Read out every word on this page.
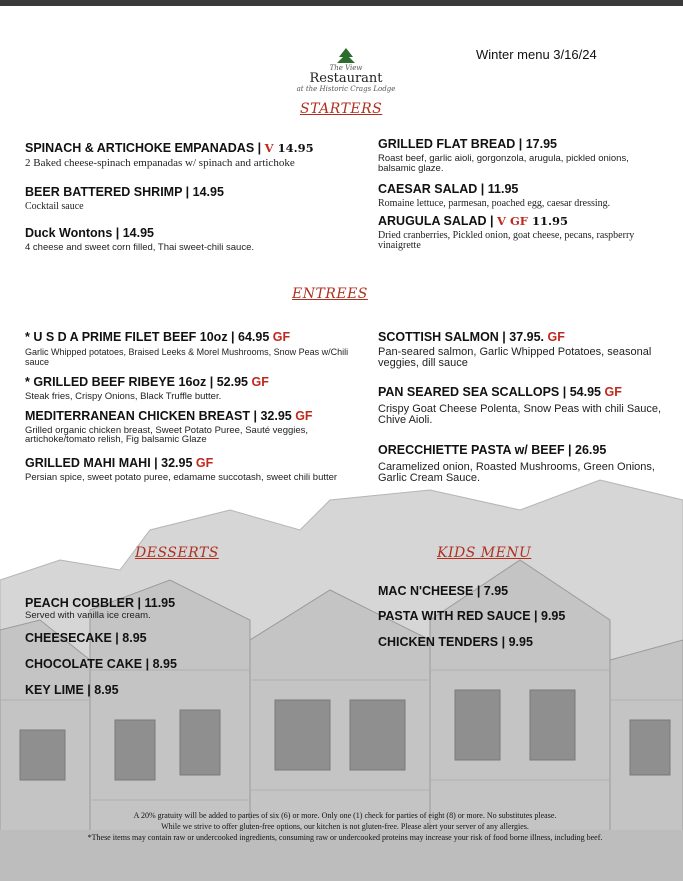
The View
Restaurant
at the Historic Crags Lodge
Winter menu 3/16/24
STARTERS
ENTREES
DESSERTS	KIDS MENU
SPINACH & ARTICHOKE EMPANADAS | V 14.95
2 Baked cheese-spinach empanadas w/ spinach and artichoke
BEER BATTERED SHRIMP | 14.95
Cocktail sauce
Duck Wontons | 14.95
4 cheese and sweet corn filled, Thai sweet-chili sauce.
GRILLED FLAT BREAD | 17.95
Roast beef, garlic aioli, gorgonzola, arugula, pickled onions, balsamic glaze.
CAESAR SALAD | 11.95
Romaine lettuce, parmesan, poached egg, caesar dressing.
ARUGULA SALAD | V GF 11.95
Dried cranberries, Pickled onion, goat cheese, pecans, raspberry vinaigrette
* U S D A PRIME FILET BEEF 10oz | 64.95 GF
Garlic Whipped potatoes, Braised Leeks & Morel Mushrooms, Snow Peas w/Chili sauce
* GRILLED BEEF RIBEYE 16oz | 52.95 GF
Steak fries, Crispy Onions, Black Truffle butter.
MEDITERRANEAN CHICKEN BREAST | 32.95 GF
Grilled organic chicken breast, Sweet Potato Puree, Sauté veggies, artichoke/tomato relish, Fig balsamic Glaze
GRILLED MAHI MAHI | 32.95 GF
Persian spice, sweet potato puree, edamame succotash, sweet chili butter
SCOTTISH SALMON | 37.95. GF
Pan-seared salmon, Garlic Whipped Potatoes, seasonal veggies, dill sauce
PAN SEARED SEA SCALLOPS | 54.95 GF
Crispy Goat Cheese Polenta, Snow Peas with chili Sauce, Chive Aioli.
ORECCHIETTE PASTA w/ BEEF | 26.95
Caramelized onion, Roasted Mushrooms, Green Onions, Garlic Cream Sauce.
PEACH COBBLER | 11.95
Served with vanilla ice cream.
CHEESECAKE | 8.95
CHOCOLATE CAKE | 8.95
KEY LIME | 8.95
MAC N'CHEESE | 7.95
PASTA WITH RED SAUCE | 9.95
CHICKEN TENDERS | 9.95
A 20% gratuity will be added to parties of six (6) or more. Only one (1) check for parties of eight (8) or more. No substitutes please.
While we strive to offer gluten-free options, our kitchen is not gluten-free. Please alert your server of any allergies.
*These items may contain raw or undercooked ingredients, consuming raw or undercooked proteins may increase your risk of food borne illness, including beef.
